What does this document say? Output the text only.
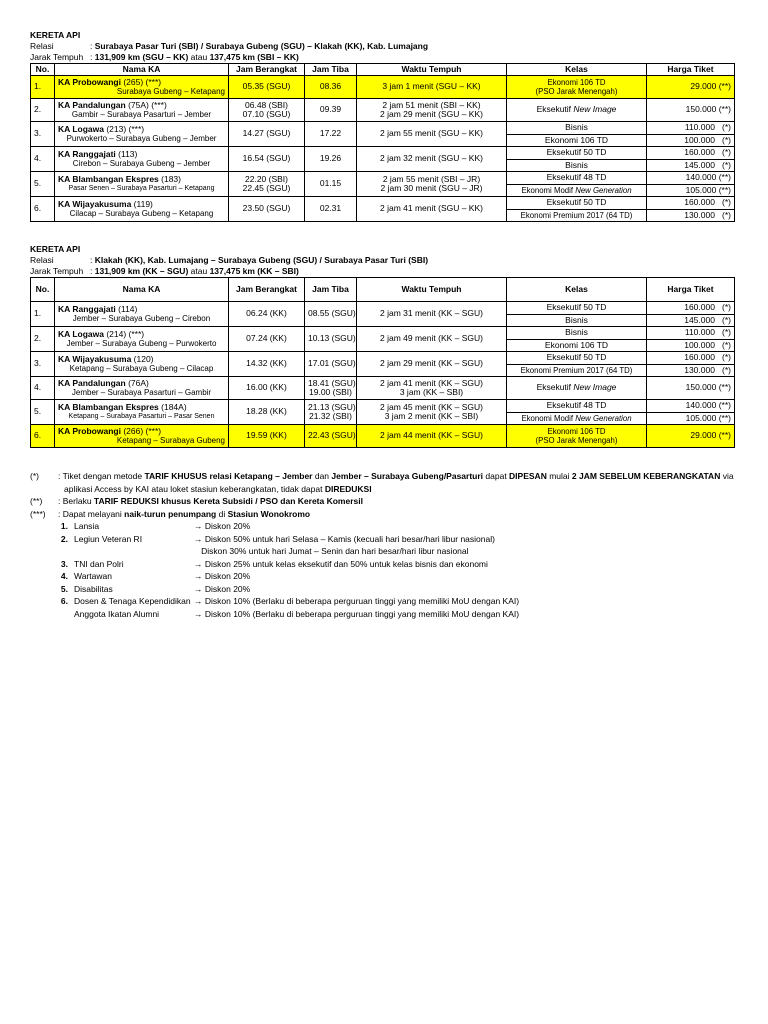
KERETA API
Relasi	: Surabaya Pasar Turi (SBI) / Surabaya Gubeng (SGU) – Klakah (KK), Kab. Lumajang
Jarak Tempuh : 131,909 km (SGU – KK) atau 137,475 km (SBI – KK)
No.	Nama KA	Jam Berangkat	Jam Tiba	Waktu Tempuh	Kelas	Harga Tiket
1.	KA Probowangi (265) (***)
Surabaya Gubeng – Ketapang	05.35 (SGU)	08.36	3 jam 1 menit (SGU – KK)	Ekonomi 106 TD
(PSO Jarak Menengah)	29.000 (**)
2.	KA Pandalungan (75A) (***)
Gambir – Surabaya Pasarturi – Jember	06.48 (SBI)
07.10 (SGU)	09.39	2 jam 51 menit (SBI – KK)
2 jam 29 menit (SGU – KK)	Eksekutif New Image	150.000 (**)
3.	KA Logawa (213) (***)
Purwokerto – Surabaya Gubeng – Jember	14.27 (SGU)	17.22	2 jam 55 menit (SGU – KK)	Bisnis	110.000   (*)
					Ekonomi 106 TD	100.000   (*)
4.	KA Ranggajati (113)
Cirebon – Surabaya Gubeng – Jember	16.54 (SGU)	19.26	2 jam 32 menit (SGU – KK)	Eksekutif 50 TD	160.000   (*)
					Bisnis	145.000   (*)
5.	KA Blambangan Ekspres (183)
Pasar Senen – Surabaya Pasarturi – Ketapang	22.20 (SBI)
22.45 (SGU)	01.15	2 jam 55 menit (SBI – JR)
2 jam 30 menit (SGU – JR)	Eksekutif 48 TD	140.000 (**)
					Ekonomi Modif New Generation	105.000 (**)
6.	KA Wijayakusuma (119)
Cilacap – Surabaya Gubeng – Ketapang	23.50 (SGU)	02.31	2 jam 41 menit (SGU – KK)	Eksekutif 50 TD	160.000   (*)
					Ekonomi Premium 2017 (64 TD)	130.000   (*)
KERETA API
Relasi	: Klakah (KK), Kab. Lumajang – Surabaya Gubeng (SGU) / Surabaya Pasar Turi (SBI)
Jarak Tempuh : 131,909 km (KK – SGU) atau 137,475 km (KK – SBI)
No.	Nama KA	Jam Berangkat	Jam Tiba	Waktu Tempuh	Kelas	Harga Tiket
1.	KA Ranggajati (114)
Jember – Surabaya Gubeng – Cirebon	06.24 (KK)	08.55 (SGU)	2 jam 31 menit (KK – SGU)	Eksekutif 50 TD	160.000   (*)
					Bisnis	145.000   (*)
2.	KA Logawa (214) (***)
Jember – Surabaya Gubeng – Purwokerto	07.24 (KK)	10.13 (SGU)	2 jam 49 menit (KK – SGU)	Bisnis	110.000   (*)
					Ekonomi 106 TD	100.000   (*)
3.	KA Wijayakusuma (120)
Ketapang – Surabaya Gubeng – Cilacap	14.32 (KK)	17.01 (SGU)	2 jam 29 menit (KK – SGU)	Eksekutif 50 TD	160.000   (*)
					Ekonomi Premium 2017 (64 TD)	130.000   (*)
4.	KA Pandalungan (76A)
Jember – Surabaya Pasarturi – Gambir	16.00 (KK)	18.41 (SGU)
19.00 (SBI)	2 jam 41 menit (KK – SGU)
3 jam (KK – SBI)	Eksekutif New Image	150.000 (**)
5.	KA Blambangan Ekspres (184A)
Ketapang – Surabaya Pasarturi – Pasar Senen	18.28 (KK)	21.13 (SGU)
21.32 (SBI)	2 jam 45 menit (KK – SGU)
3 jam 2 menit (KK – SBI)	Eksekutif 48 TD	140.000 (**)
					Ekonomi Modif New Generation	105.000 (**)
6.	KA Probowangi (266) (***)
Ketapang – Surabaya Gubeng	19.59 (KK)	22.43 (SGU)	2 jam 44 menit (KK – SGU)	Ekonomi 106 TD
(PSO Jarak Menengah)	29.000 (**)
(*)	: Tiket dengan metode TARIF KHUSUS relasi Ketapang – Jember dan Jember – Surabaya Gubeng/Pasarturi dapat DIPESAN mulai 2 JAM SEBELUM KEBERANGKATAN via
aplikasi Access by KAI atau loket stasiun keberangkatan, tidak dapat DIREDUKSI
(**)	: Berlaku TARIF REDUKSI khusus Kereta Subsidi / PSO dan Kereta Komersil
(***)	: Dapat melayani naik-turun penumpang di Stasiun Wonokromo
1. Lansia	→ Diskon 20%
2. Legiun Veteran RI	→ Diskon 50% untuk hari Selasa – Kamis (kecuali hari besar/hari libur nasional)
Diskon 30% untuk hari Jumat – Senin dan hari besar/hari libur nasional
3. TNI dan Polri	→ Diskon 25% untuk kelas eksekutif dan 50% untuk kelas bisnis dan ekonomi
4. Wartawan	→ Diskon 20%
5. Disabilitas	→ Diskon 20%
6. Dosen & Tenaga Kependidikan → Diskon 10% (Berlaku di beberapa perguruan tinggi yang memiliki MoU dengan KAI)
Anggota Ikatan Alumni	→ Diskon 10% (Berlaku di beberapa perguruan tinggi yang memiliki MoU dengan KAI)
